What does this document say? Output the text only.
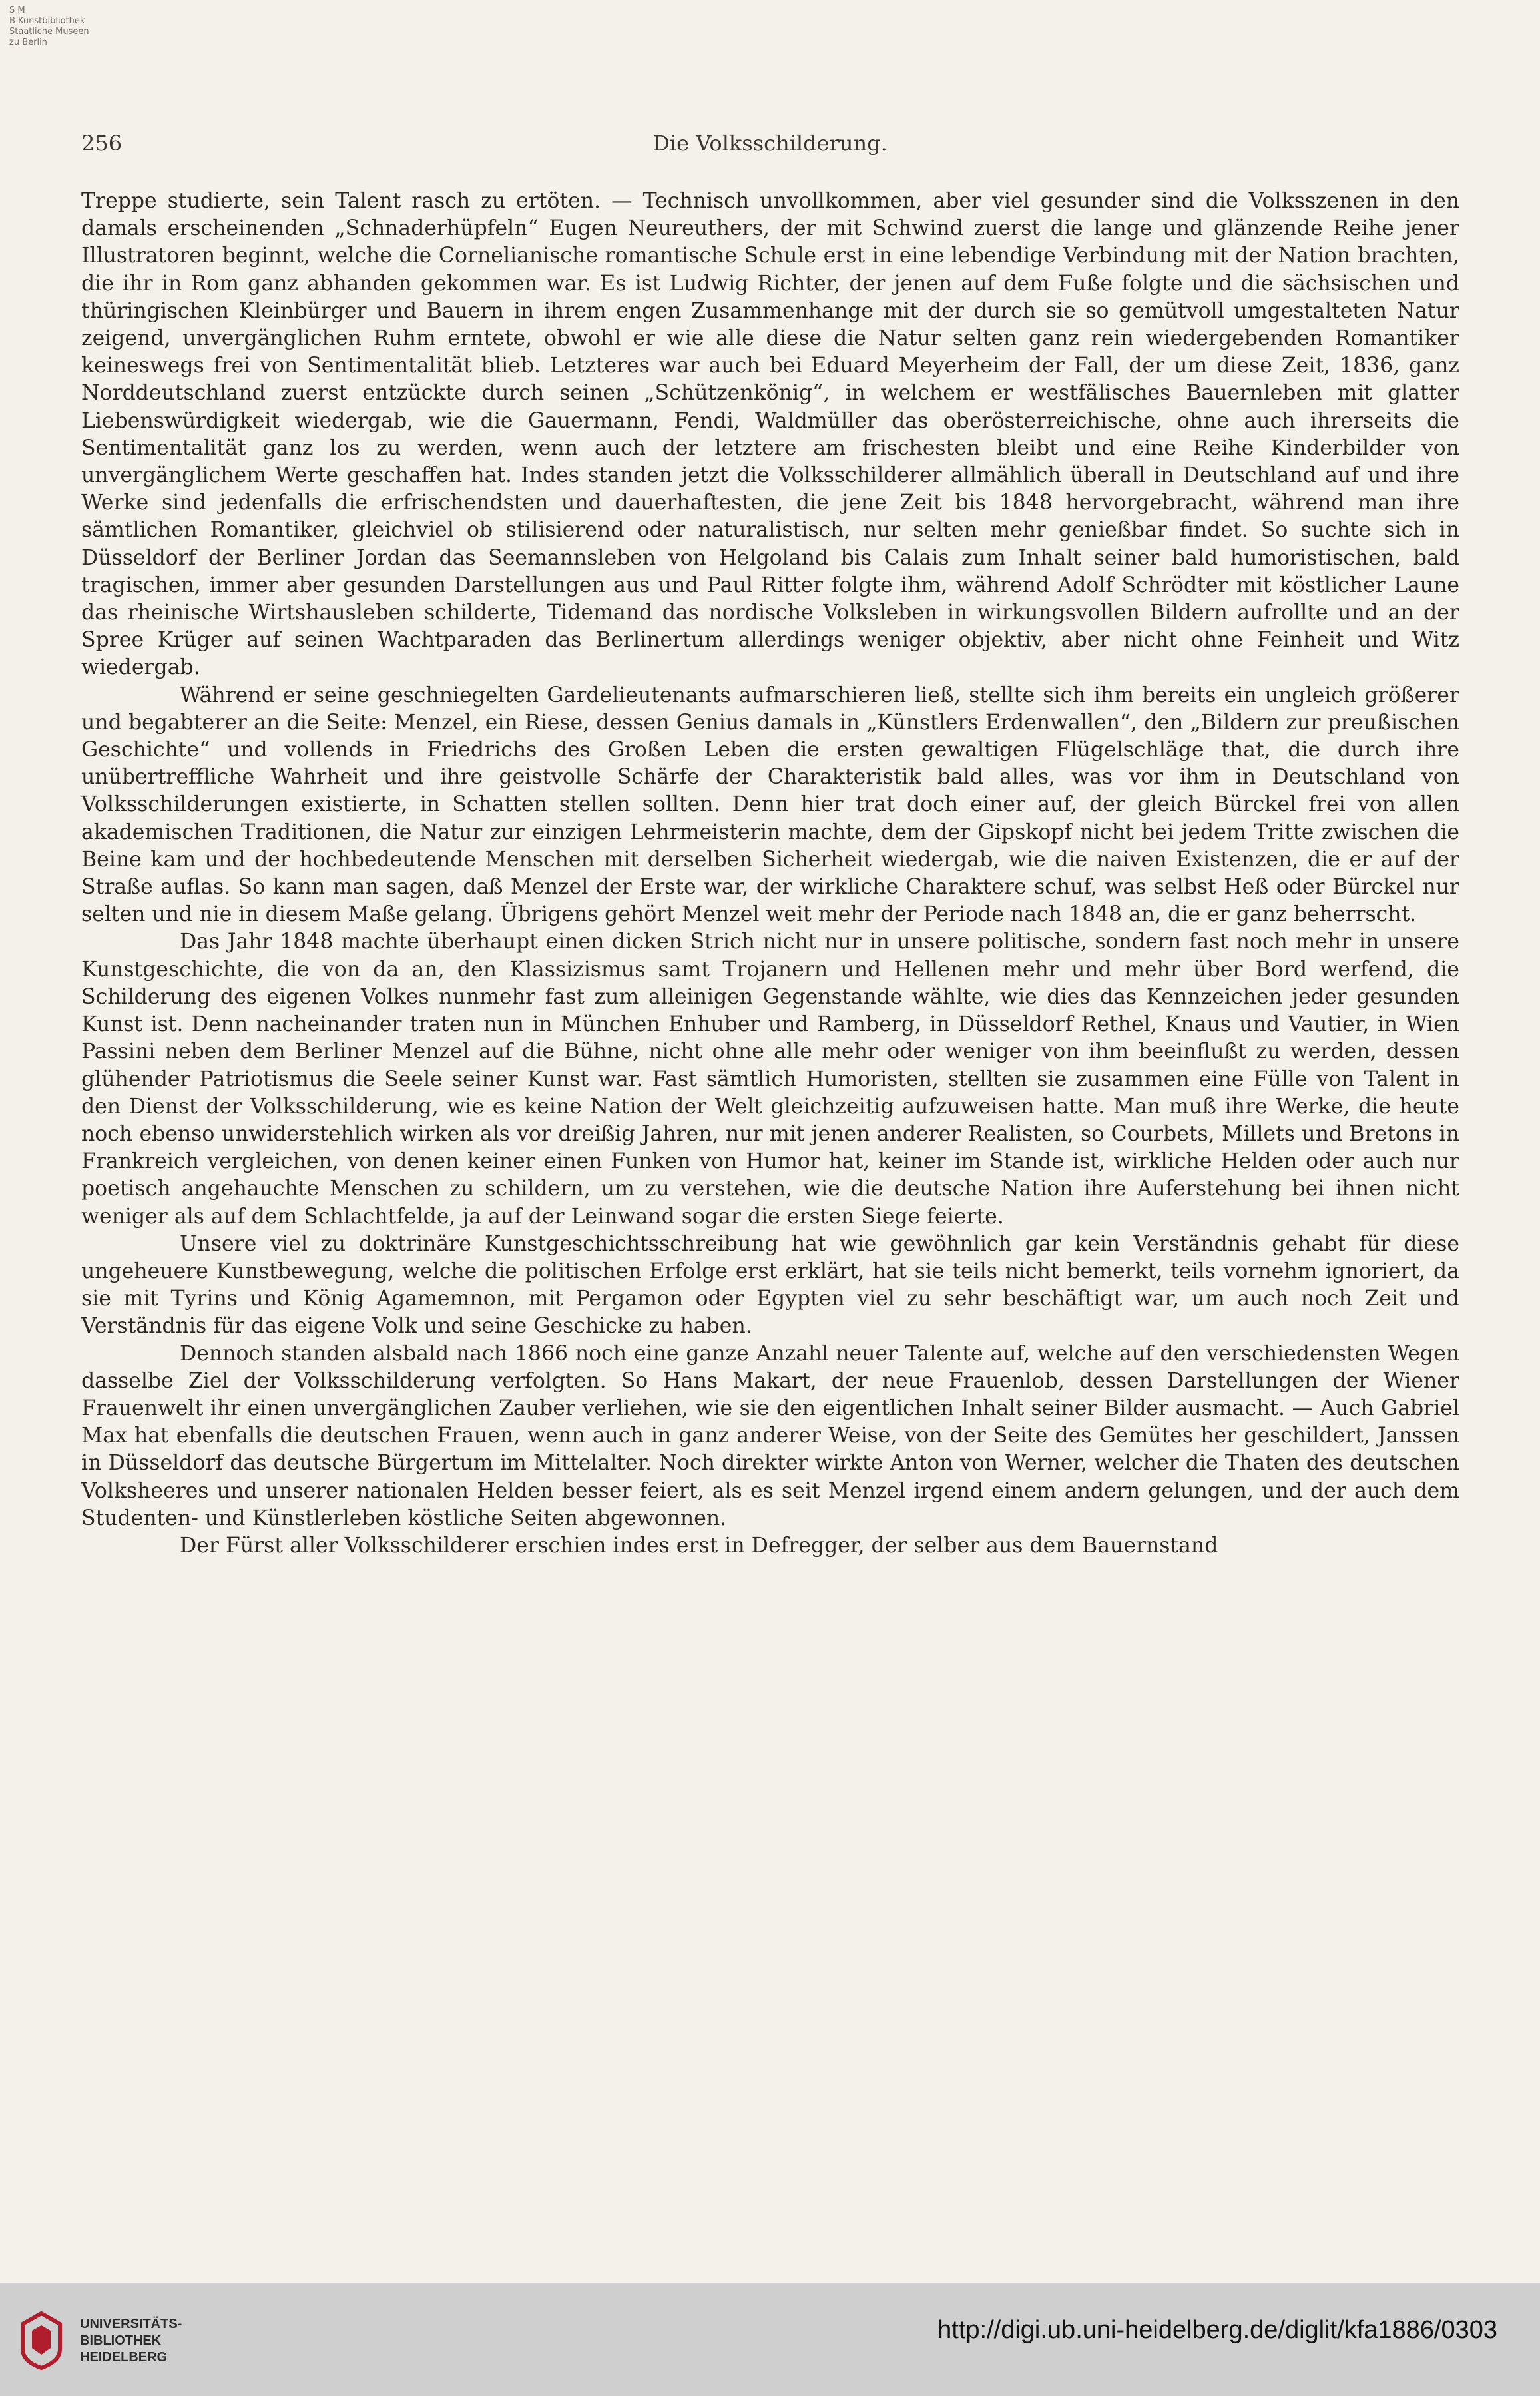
S M
B Kunstbibliothek
Staatliche Museen
zu Berlin
Die Volksschilderung.
256

Treppe studierte, sein Talent rasch zu ertöten. — Technisch unvollkommen, aber viel gesunder sind die Volksszenen in den damals erscheinenden „Schnaderhüpfeln“ Eugen Neureuthers, der mit Schwind zuerst die lange und glänzende Reihe jener Illustratoren beginnt, welche die Cornelianische romantische Schule erst in eine lebendige Verbindung mit der Nation brachten, die ihr in Rom ganz abhanden gekommen war. Es ist Ludwig Richter, der jenen auf dem Fuße folgte und die sächsischen und thüringischen Kleinbürger und Bauern in ihrem engen Zusammenhange mit der durch sie so gemütvoll umgestalteten Natur zeigend, unvergänglichen Ruhm erntete, obwohl er wie alle diese die Natur selten ganz rein wiedergebenden Romantiker keineswegs frei von Sentimentalität blieb. Letzteres war auch bei Eduard Meyerheim der Fall, der um diese Zeit, 1836, ganz Norddeutschland zuerst entzückte durch seinen „Schützenkönig“, in welchem er westfälisches Bauernleben mit glatter Liebenswürdigkeit wiedergab, wie die Gauermann, Fendi, Waldmüller das oberösterreichische, ohne auch ihrerseits die Sentimentalität ganz los zu werden, wenn auch der letztere am frischesten bleibt und eine Reihe Kinderbilder von unvergänglichem Werte geschaffen hat. Indes standen jetzt die Volksschilderer allmählich überall in Deutschland auf und ihre Werke sind jedenfalls die erfrischendsten und dauerhaftesten, die jene Zeit bis 1848 hervorgebracht, während man ihre sämtlichen Romantiker, gleichviel ob stilisierend oder naturalistisch, nur selten mehr genießbar findet. So suchte sich in Düsseldorf der Berliner Jordan das Seemannsleben von Helgoland bis Calais zum Inhalt seiner bald humoristischen, bald tragischen, immer aber gesunden Darstellungen aus und Paul Ritter folgte ihm, während Adolf Schrödter mit köstlicher Laune das rheinische Wirtshausleben schilderte, Tidemand das nordische Volksleben in wirkungsvollen Bildern aufrollte und an der Spree Krüger auf seinen Wachtparaden das Berlinertum allerdings weniger objektiv, aber nicht ohne Feinheit und Witz wiedergab.

Während er seine geschniegelten Gardelieutenants aufmarschieren ließ, stellte sich ihm bereits ein ungleich größerer und begabterer an die Seite: Menzel, ein Riese, dessen Genius damals in „Künstlers Erdenwallen“, den „Bildern zur preußischen Geschichte“ und vollends in Friedrichs des Großen Leben die ersten gewaltigen Flügelschläge that, die durch ihre unübertreffliche Wahrheit und ihre geistvolle Schärfe der Charakteristik bald alles, was vor ihm in Deutschland von Volksschilderungen existierte, in Schatten stellen sollten. Denn hier trat doch einer auf, der gleich Bürckel frei von allen akademischen Traditionen, die Natur zur einzigen Lehrmeisterin machte, dem der Gipskopf nicht bei jedem Tritte zwischen die Beine kam und der hochbedeutende Menschen mit derselben Sicherheit wiedergab, wie die naiven Existenzen, die er auf der Straße auflas. So kann man sagen, daß Menzel der Erste war, der wirkliche Charaktere schuf, was selbst Heß oder Bürckel nur selten und nie in diesem Maße gelang. Übrigens gehört Menzel weit mehr der Periode nach 1848 an, die er ganz beherrscht.

Das Jahr 1848 machte überhaupt einen dicken Strich nicht nur in unsere politische, sondern fast noch mehr in unsere Kunstgeschichte, die von da an, den Klassizismus samt Trojanern und Hellenen mehr und mehr über Bord werfend, die Schilderung des eigenen Volkes nunmehr fast zum alleinigen Gegenstande wählte, wie dies das Kennzeichen jeder gesunden Kunst ist. Denn nacheinander traten nun in München Enhuber und Ramberg, in Düsseldorf Rethel, Knaus und Vautier, in Wien Passini neben dem Berliner Menzel auf die Bühne, nicht ohne alle mehr oder weniger von ihm beeinflußt zu werden, dessen glühender Patriotismus die Seele seiner Kunst war. Fast sämtlich Humoristen, stellten sie zusammen eine Fülle von Talent in den Dienst der Volksschilderung, wie es keine Nation der Welt gleichzeitig aufzuweisen hatte. Man muß ihre Werke, die heute noch ebenso unwiderstehlich wirken als vor dreißig Jahren, nur mit jenen anderer Realisten, so Courbets, Millets und Bretons in Frankreich vergleichen, von denen keiner einen Funken von Humor hat, keiner im Stande ist, wirkliche Helden oder auch nur poetisch angehauchte Menschen zu schildern, um zu verstehen, wie die deutsche Nation ihre Auferstehung bei ihnen nicht weniger als auf dem Schlachtfelde, ja auf der Leinwand sogar die ersten Siege feierte.

Unsere viel zu doktrinäre Kunstgeschichtsschreibung hat wie gewöhnlich gar kein Verständnis gehabt für diese ungeheuere Kunstbewegung, welche die politischen Erfolge erst erklärt, hat sie teils nicht bemerkt, teils vornehm ignoriert, da sie mit Tyrins und König Agamemnon, mit Pergamon oder Egypten viel zu sehr beschäftigt war, um auch noch Zeit und Verständnis für das eigene Volk und seine Geschicke zu haben.

Dennoch standen alsbald nach 1866 noch eine ganze Anzahl neuer Talente auf, welche auf den verschiedensten Wegen dasselbe Ziel der Volksschilderung verfolgten. So Hans Makart, der neue Frauenlob, dessen Darstellungen der Wiener Frauenwelt ihr einen unvergänglichen Zauber verliehen, wie sie den eigentlichen Inhalt seiner Bilder ausmacht. — Auch Gabriel Max hat ebenfalls die deutschen Frauen, wenn auch in ganz anderer Weise, von der Seite des Gemütes her geschildert, Janssen in Düsseldorf das deutsche Bürgertum im Mittelalter. Noch direkter wirkte Anton von Werner, welcher die Thaten des deutschen Volksheeres und unserer nationalen Helden besser feiert, als es seit Menzel irgend einem andern gelungen, und der auch dem Studenten- und Künstlerleben köstliche Seiten abgewonnen.

Der Fürst aller Volksschilderer erschien indes erst in Defregger, der selber aus dem Bauernstand

UNIVERSITÄTS-
BIBLIOTHEK
HEIDELBERG
http://digi.ub.uni-heidelberg.de/diglit/kfa1886/0303
